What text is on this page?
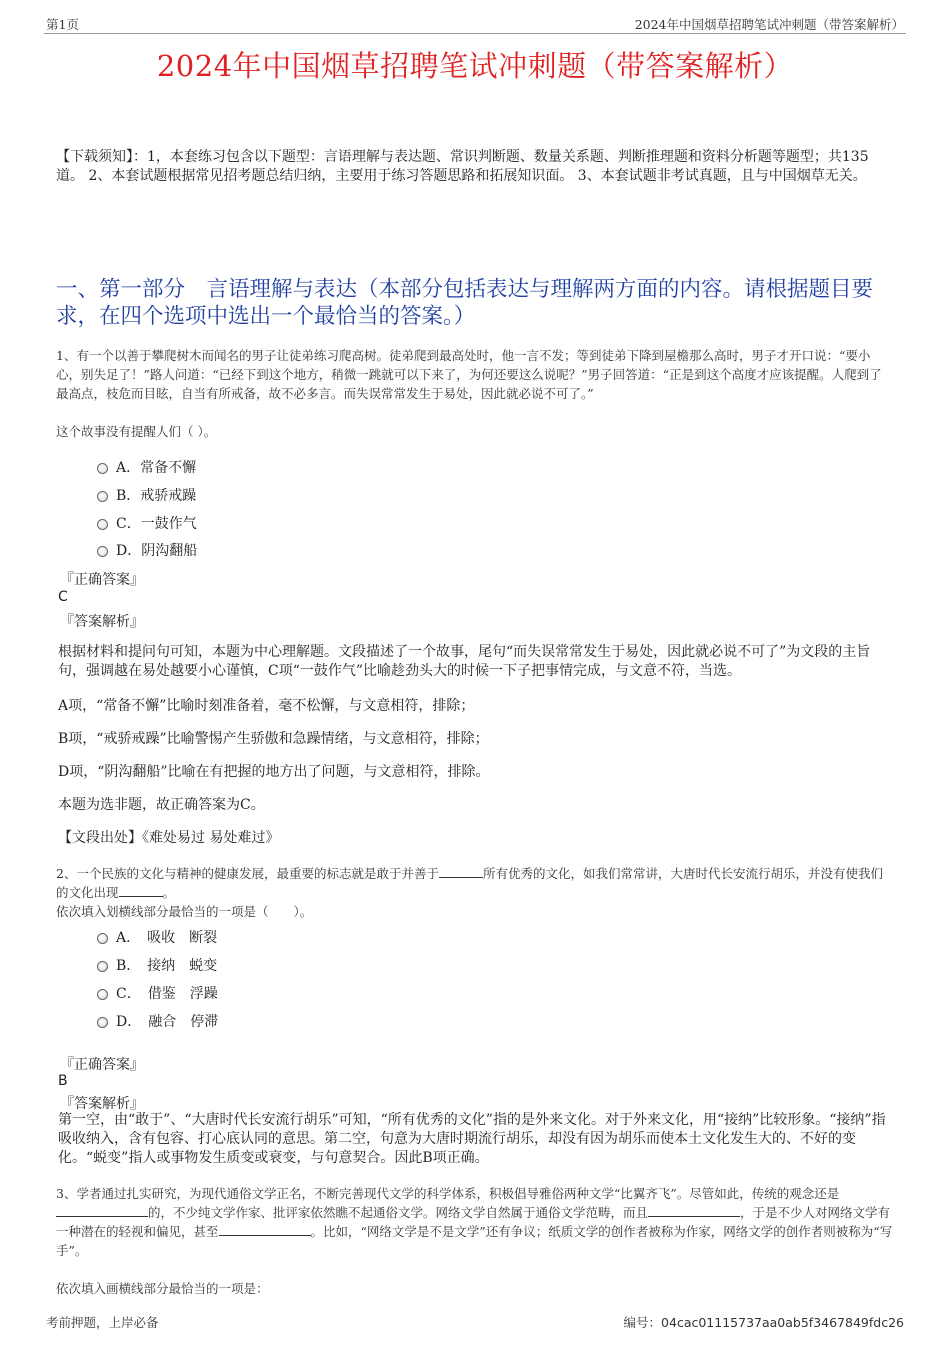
第1页	2024年中国烟草招聘笔试冲刺题（带答案解析）
2024年中国烟草招聘笔试冲刺题（带答案解析）
【下载须知】：1，本套练习包含以下题型：言语理解与表达题、常识判断题、数量关系题、判断推理题和资料分析题等题型；共135道。 2、本套试题根据常见招考题总结归纳，主要用于练习答题思路和拓展知识面。 3、本套试题非考试真题，且与中国烟草无关。
一、第一部分　言语理解与表达（本部分包括表达与理解两方面的内容。请根据题目要求，在四个选项中选出一个最恰当的答案。）
1、有一个以善于攀爬树木而闻名的男子让徒弟练习爬高树。徒弟爬到最高处时，他一言不发；等到徒弟下降到屋檐那么高时，男子才开口说：“要小心，别失足了！”路人问道：“已经下到这个地方，稍微一跳就可以下来了，为何还要这么说呢？”男子回答道：“正是到这个高度才应该提醒。人爬到了最高点，枝危而目眩，自当有所戒备，故不必多言。而失误常常发生于易处，因此就必说不可了。”
这个故事没有提醒人们（ ）。
A．常备不懈
B．戒骄戒躁
C．一鼓作气
D．阴沟翻船
『正确答案』
C
『答案解析』
根据材料和提问句可知，本题为中心理解题。文段描述了一个故事，尾句“而失误常常发生于易处，因此就必说不可了”为文段的主旨句，强调越在易处越要小心谨慎，C项“一鼓作气”比喻趁劲头大的时候一下子把事情完成，与文意不符，当选。
A项，“常备不懈”比喻时刻准备着，毫不松懈，与文意相符，排除；
B项，“戒骄戒躁”比喻警惕产生骄傲和急躁情绪，与文意相符，排除；
D项，“阴沟翻船”比喻在有把握的地方出了问题，与文意相符，排除。
本题为选非题，故正确答案为C。
【文段出处】《难处易过 易处难过》
2、一个民族的文化与精神的健康发展，最重要的标志就是敢于并善于	所有优秀的文化，如我们常常讲，大唐时代长安流行胡乐，并没有使我们的文化出现	。
依次填入划横线部分最恰当的一项是（　　）。
A．　吸收　断裂
B．　接纳　蜕变
C．　借鉴　浮躁
D．　融合　停滞
『正确答案』
B
『答案解析』
第一空，由“敢于”、“大唐时代长安流行胡乐”可知，“所有优秀的文化”指的是外来文化。对于外来文化，用“接纳”比较形象。“接纳”指吸收纳入，含有包容、打心底认同的意思。第二空，句意为大唐时期流行胡乐，却没有因为胡乐而使本土文化发生大的、不好的变化。“蜕变”指人或事物发生质变或衰变，与句意契合。因此B项正确。
3、学者通过扎实研究，为现代通俗文学正名，不断完善现代文学的科学体系，积极倡导雅俗两种文学“比翼齐飞”。尽管如此，传统的观念还是的，不少纯文学作家、批评家依然瞧不起通俗文学。网络文学自然属于通俗文学范畴，而且	，于是不少人对网络文学有一种潜在的轻视和偏见，甚至	。比如，“网络文学是不是文学”还有争议；纸质文学的创作者被称为作家，网络文学的创作者则被称为“写手”。
依次填入画横线部分最恰当的一项是：
考前押题，上岸必备	编号：04cac01115737aa0ab5f3467849fdc26
